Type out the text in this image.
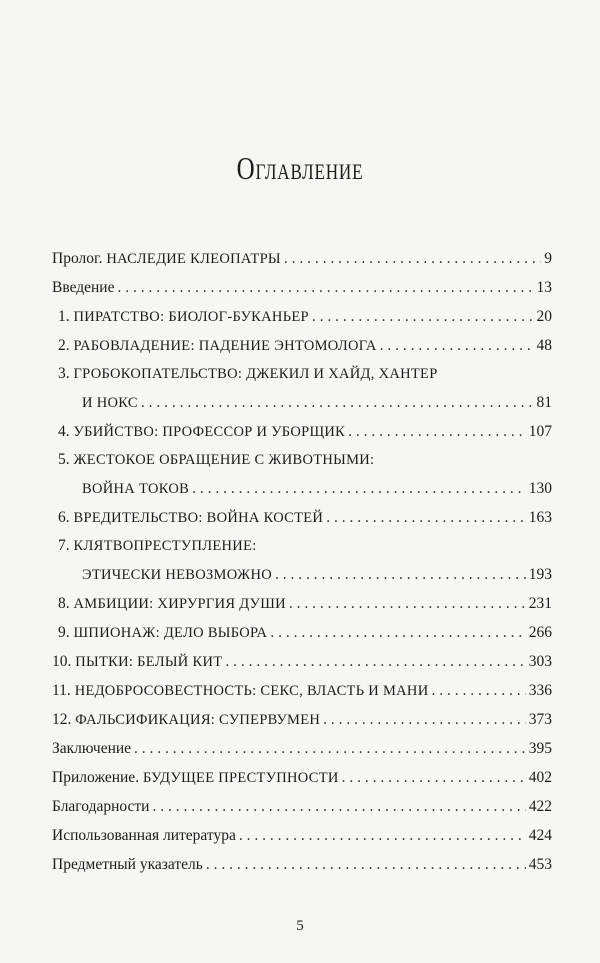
Оглавление
Пролог. НАСЛЕДИЕ КЛЕОПАТРЫ . . .	9
Введение . . .	13
1. ПИРАТСТВО: БИОЛОГ-БУКАНЬЕР . . .	20
2. РАБОВЛАДЕНИЕ: ПАДЕНИЕ ЭНТОМОЛОГА . . .	48
3. ГРОБОКОПАТЕЛЬСТВО: ДЖЕКИЛ И ХАЙД, ХАНТЕР
И НОКС . . .	81
4. УБИЙСТВО: ПРОФЕССОР И УБОРЩИК . . .	107
5. ЖЕСТОКОЕ ОБРАЩЕНИЕ С ЖИВОТНЫМИ:
ВОЙНА ТОКОВ . . .	130
6. ВРЕДИТЕЛЬСТВО: ВОЙНА КОСТЕЙ . . .	163
7. КЛЯТВОПРЕСТУПЛЕНИЕ:
ЭТИЧЕСКИ НЕВОЗМОЖНО . . .	193
8. АМБИЦИИ: ХИРУРГИЯ ДУШИ . . .	231
9. ШПИОНАЖ: ДЕЛО ВЫБОРА . . .	266
10. ПЫТКИ: БЕЛЫЙ КИТ . . .	303
11. НЕДОБРОСОВЕСТНОСТЬ: СЕКС, ВЛАСТЬ И МАНИ . . .	336
12. ФАЛЬСИФИКАЦИЯ: СУПЕРВУМЕН . . .	373
Заключение . . .	395
Приложение. БУДУЩЕЕ ПРЕСТУПНОСТИ . . .	402
Благодарности . . .	422
Использованная литература . . .	424
Предметный указатель . . .	453
5
